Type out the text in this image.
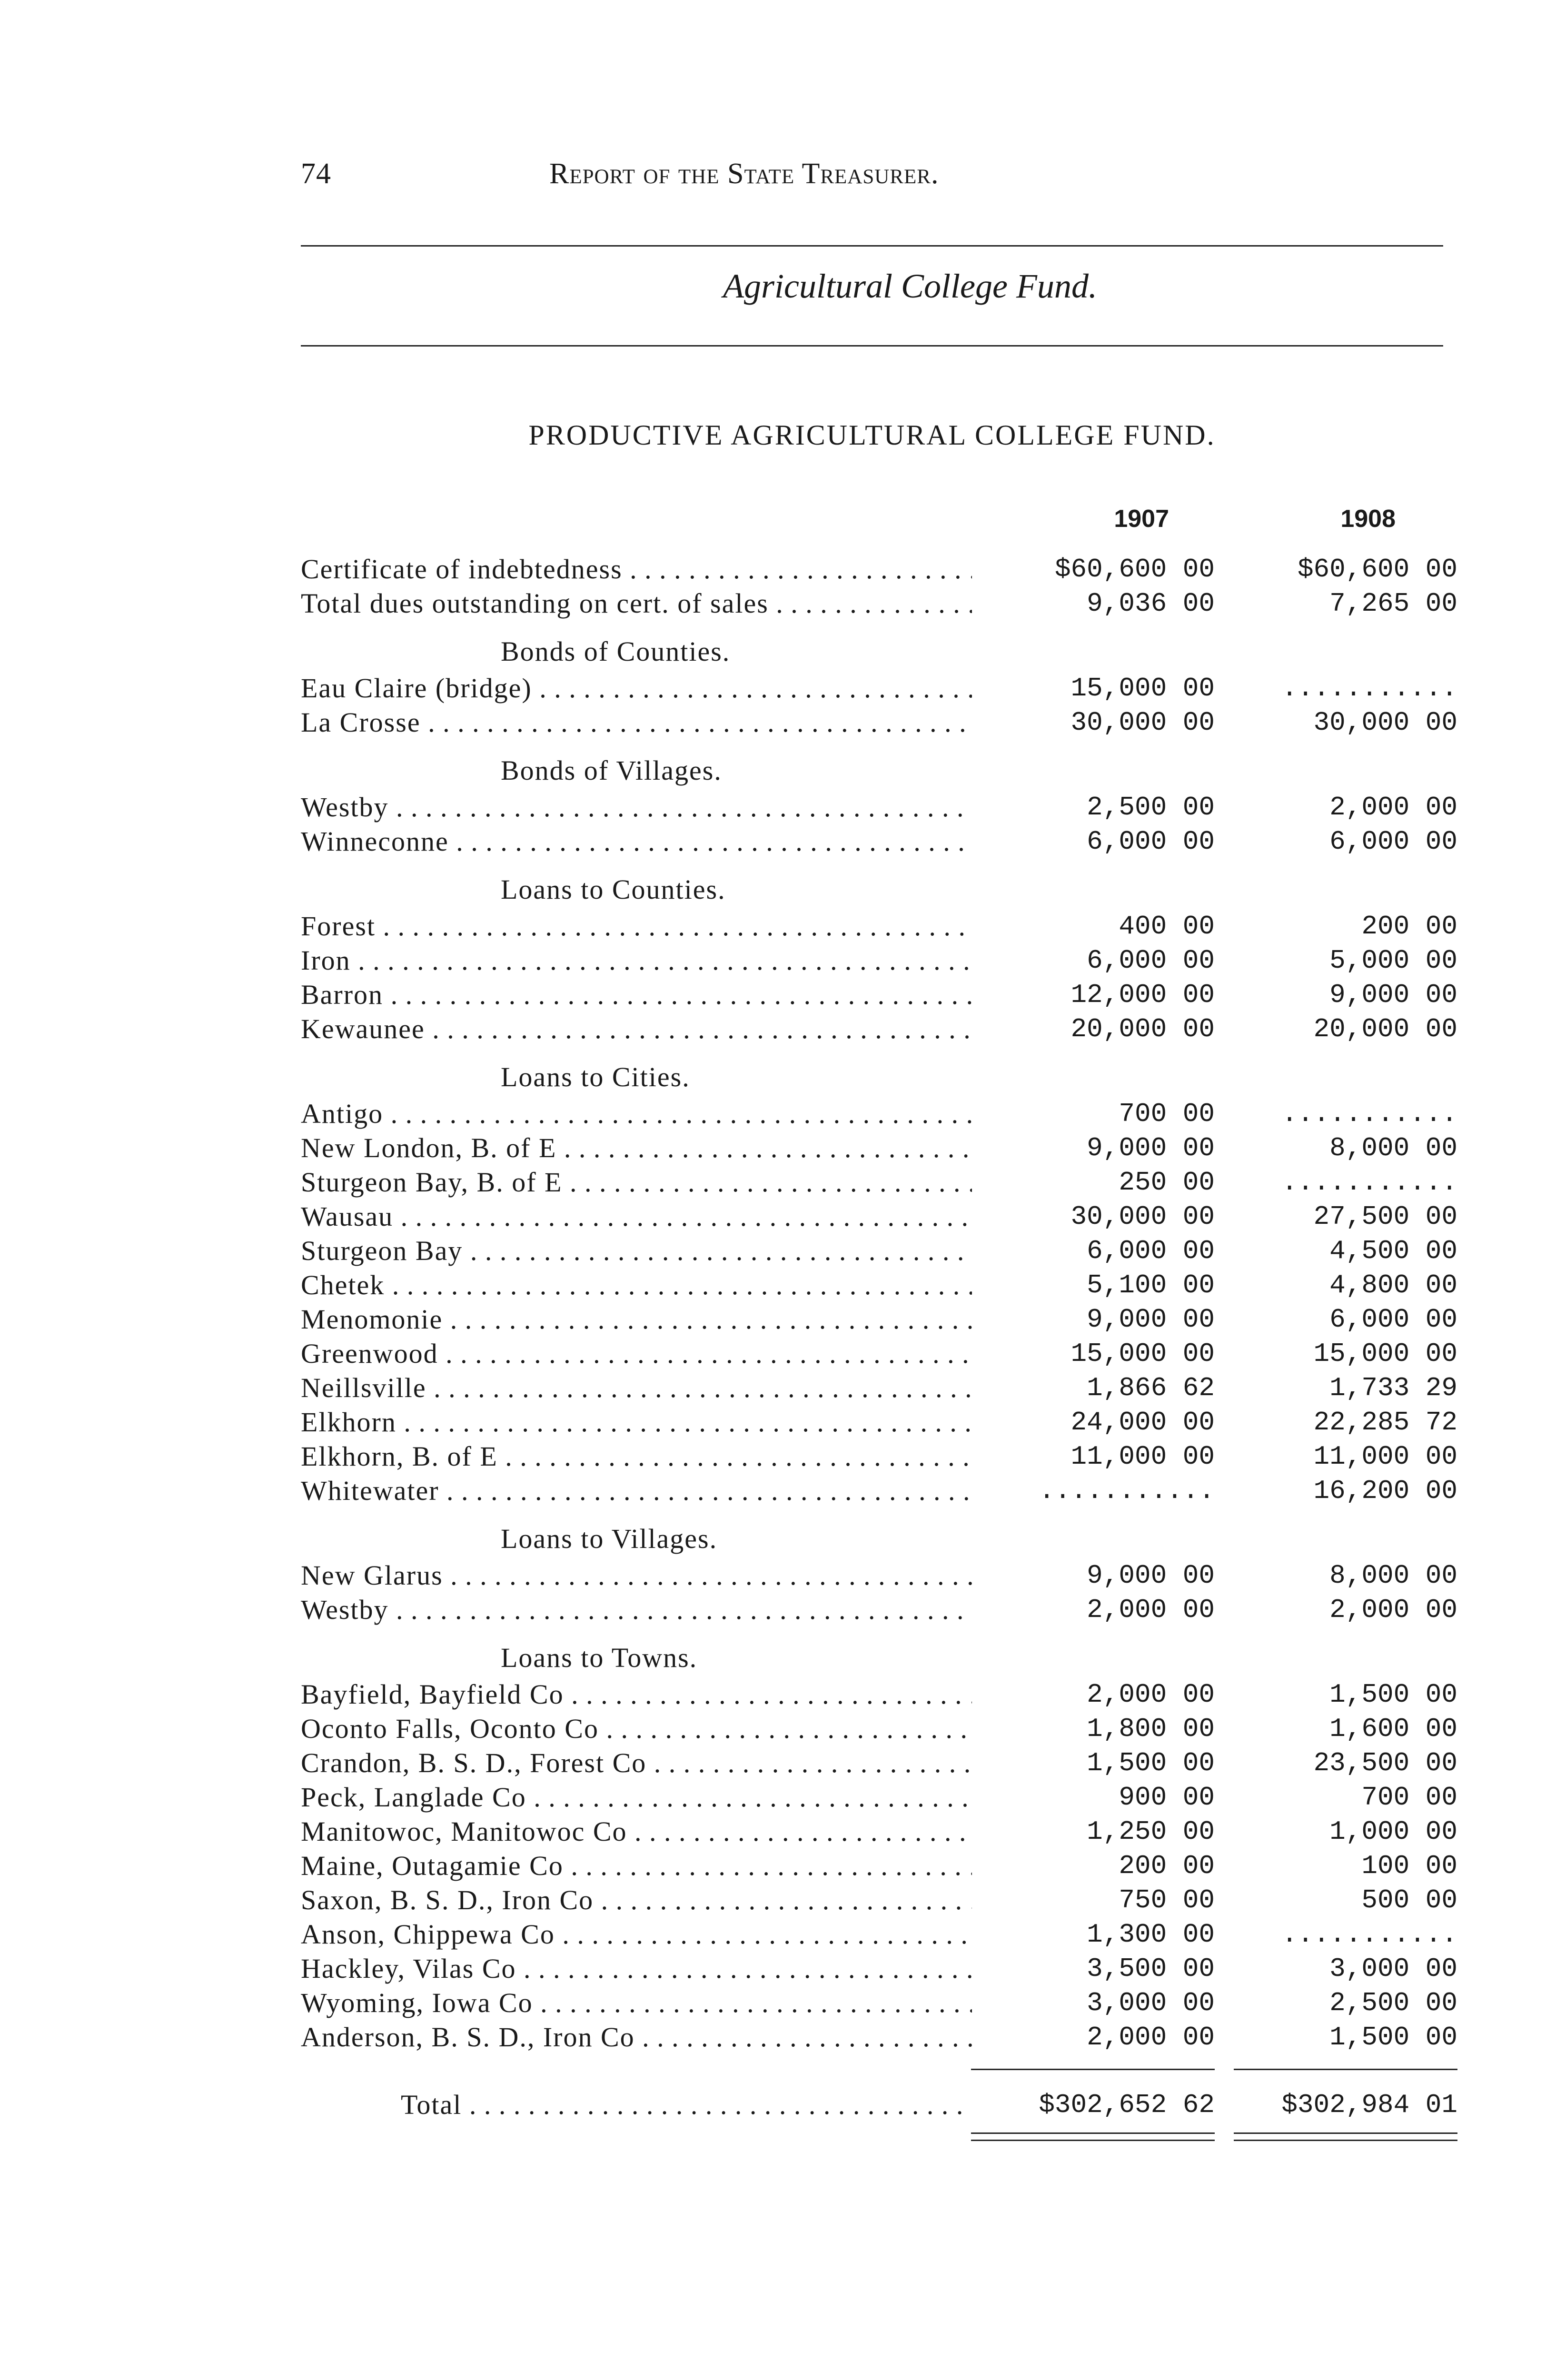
74	Report of the State Treasurer.
Agricultural College Fund.
PRODUCTIVE AGRICULTURAL COLLEGE FUND.
1907	1908
Certificate of indebtedness . . .	$60,600 00	$60,600 00
Total dues outstanding on cert. of sales . . .	9,036 00	7,265 00
Bonds of Counties.
Eau Claire (bridge) . . .	15,000 00	...........
La Crosse . . .	30,000 00	30,000 00
Bonds of Villages.
Westby . . .	2,500 00	2,000 00
Winneconne . . .	6,000 00	6,000 00
Loans to Counties.
Forest . . .	400 00	200 00
Iron . . .	6,000 00	5,000 00
Barron . . .	12,000 00	9,000 00
Kewaunee . . .	20,000 00	20,000 00
Loans to Cities.
Antigo . . .	700 00	...........
New London, B. of E . . .	9,000 00	8,000 00
Sturgeon Bay, B. of E . . .	250 00	...........
Wausau . . .	30,000 00	27,500 00
Sturgeon Bay . . .	6,000 00	4,500 00
Chetek . . .	5,100 00	4,800 00
Menomonie . . .	9,000 00	6,000 00
Greenwood . . .	15,000 00	15,000 00
Neillsville . . .	1,866 62	1,733 29
Elkhorn . . .	24,000 00	22,285 72
Elkhorn, B. of E . . .	11,000 00	11,000 00
Whitewater . . .	...........	16,200 00
Loans to Villages.
New Glarus . . .	9,000 00	8,000 00
Westby . . .	2,000 00	2,000 00
Loans to Towns.
Bayfield, Bayfield Co . . .	2,000 00	1,500 00
Oconto Falls, Oconto Co . . .	1,800 00	1,600 00
Crandon, B. S. D., Forest Co . . .	1,500 00	23,500 00
Peck, Langlade Co . . .	900 00	700 00
Manitowoc, Manitowoc Co . . .	1,250 00	1,000 00
Maine, Outagamie Co . . .	200 00	100 00
Saxon, B. S. D., Iron Co . . .	750 00	500 00
Anson, Chippewa Co . . .	1,300 00	...........
Hackley, Vilas Co . . .	3,500 00	3,000 00
Wyoming, Iowa Co . . .	3,000 00	2,500 00
Anderson, B. S. D., Iron Co . . .	2,000 00	1,500 00
Total . . .	$302,652 62	$302,984 01
